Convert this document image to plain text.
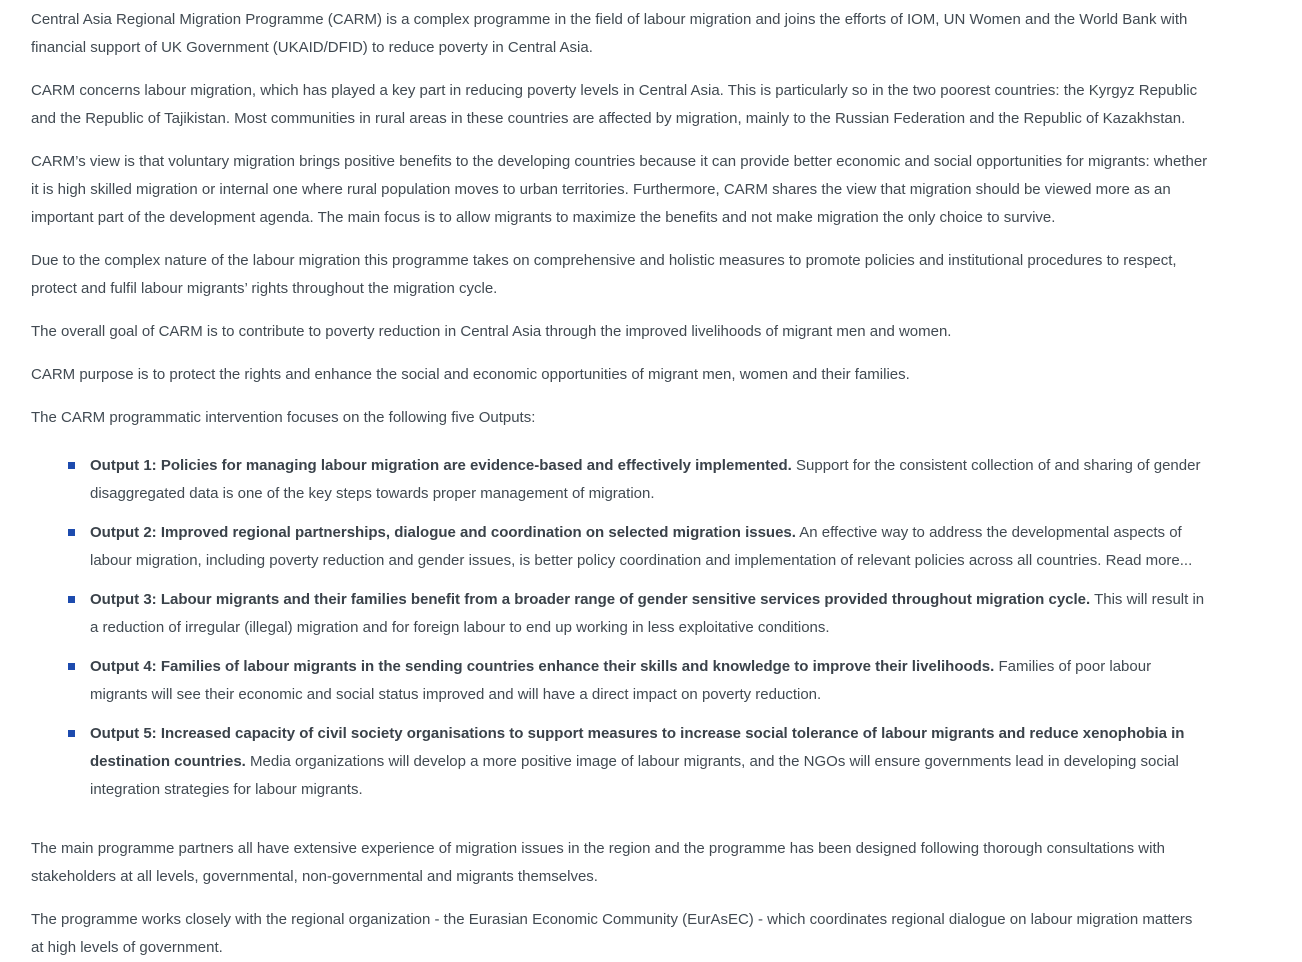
Central Asia Regional Migration Programme (CARM) is a complex programme in the field of labour migration and joins the efforts of IOM, UN Women and the World Bank with financial support of UK Government (UKAID/DFID) to reduce poverty in Central Asia.

CARM concerns labour migration, which has played a key part in reducing poverty levels in Central Asia. This is particularly so in the two poorest countries: the Kyrgyz Republic and the Republic of Tajikistan. Most communities in rural areas in these countries are affected by migration, mainly to the Russian Federation and the Republic of Kazakhstan.

CARM’s view is that voluntary migration brings positive benefits to the developing countries because it can provide better economic and social opportunities for migrants: whether it is high skilled migration or internal one where rural population moves to urban territories. Furthermore, CARM shares the view that migration should be viewed more as an important part of the development agenda. The main focus is to allow migrants to maximize the benefits and not make migration the only choice to survive.

Due to the complex nature of the labour migration this programme takes on comprehensive and holistic measures to promote policies and institutional procedures to respect, protect and fulfil labour migrants’ rights throughout the migration cycle.

The overall goal of CARM is to contribute to poverty reduction in Central Asia through the improved livelihoods of migrant men and women.

CARM purpose is to protect the rights and enhance the social and economic opportunities of migrant men, women and their families.

The CARM programmatic intervention focuses on the following five Outputs:

Output 1: Policies for managing labour migration are evidence-based and effectively implemented. Support for the consistent collection of and sharing of gender disaggregated data is one of the key steps towards proper management of migration.
Output 2: Improved regional partnerships, dialogue and coordination on selected migration issues. An effective way to address the developmental aspects of labour migration, including poverty reduction and gender issues, is better policy coordination and implementation of relevant policies across all countries. Read more...
Output 3: Labour migrants and their families benefit from a broader range of gender sensitive services provided throughout migration cycle. This will result in a reduction of irregular (illegal) migration and for foreign labour to end up working in less exploitative conditions.
Output 4: Families of labour migrants in the sending countries enhance their skills and knowledge to improve their livelihoods. Families of poor labour migrants will see their economic and social status improved and will have a direct impact on poverty reduction.
Output 5: Increased capacity of civil society organisations to support measures to increase social tolerance of labour migrants and reduce xenophobia in destination countries. Media organizations will develop a more positive image of labour migrants, and the NGOs will ensure governments lead in developing social integration strategies for labour migrants.

The main programme partners all have extensive experience of migration issues in the region and the programme has been designed following thorough consultations with stakeholders at all levels, governmental, non-governmental and migrants themselves.

The programme works closely with the regional organization - the Eurasian Economic Community (EurAsEC) - which coordinates regional dialogue on labour migration matters at high levels of government.
